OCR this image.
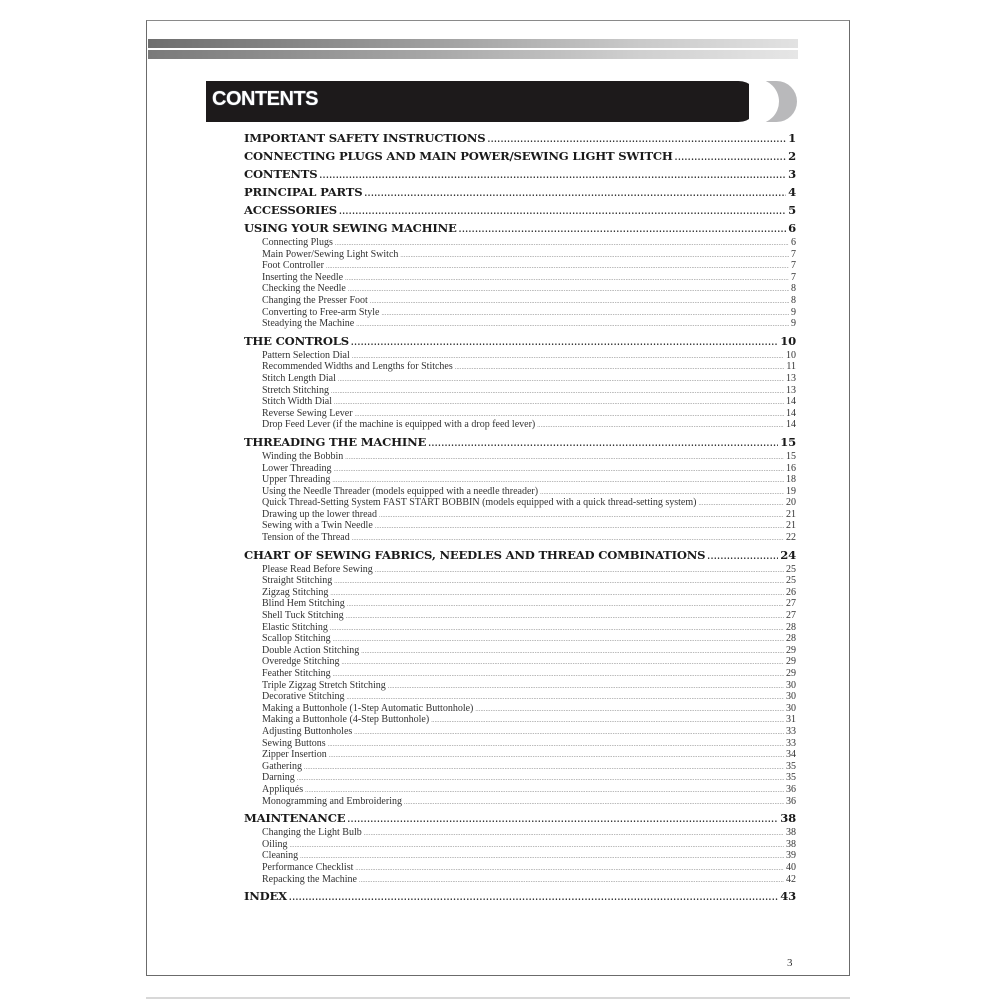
CONTENTS
IMPORTANT SAFETY INSTRUCTIONS .....	1
CONNECTING PLUGS AND MAIN POWER/SEWING LIGHT SWITCH .....	2
CONTENTS .....	3
PRINCIPAL PARTS .....	4
ACCESSORIES .....	5
USING YOUR SEWING MACHINE .....	6
Connecting Plugs .....	6
Main Power/Sewing Light Switch .....	7
Foot Controller .....	7
Inserting the Needle .....	7
Checking the Needle .....	8
Changing the Presser Foot .....	8
Converting to Free-arm Style .....	9
Steadying the Machine .....	9
THE CONTROLS .....	10
Pattern Selection Dial .....	10
Recommended Widths and Lengths for Stitches .....	11
Stitch Length Dial .....	13
Stretch Stitching .....	13
Stitch Width Dial .....	14
Reverse Sewing Lever .....	14
Drop Feed Lever (if the machine is equipped with a drop feed lever) .....	14
THREADING THE MACHINE .....	15
Winding the Bobbin .....	15
Lower Threading .....	16
Upper Threading .....	18
Using the Needle Threader (models equipped with a needle threader) .....	19
Quick Thread-Setting System FAST START BOBBIN (models equipped with a quick thread-setting system) .....	20
Drawing up the lower thread .....	21
Sewing with a Twin Needle .....	21
Tension of the Thread .....	22
CHART OF SEWING FABRICS, NEEDLES AND THREAD COMBINATIONS .....	24
Please Read Before Sewing .....	25
Straight Stitching .....	25
Zigzag Stitching .....	26
Blind Hem Stitching .....	27
Shell Tuck Stitching .....	27
Elastic Stitching .....	28
Scallop Stitching .....	28
Double Action Stitching .....	29
Overedge Stitching .....	29
Feather Stitching .....	29
Triple Zigzag Stretch Stitching .....	30
Decorative Stitching .....	30
Making a Buttonhole (1-Step Automatic Buttonhole) .....	30
Making a Buttonhole (4-Step Buttonhole) .....	31
Adjusting Buttonholes .....	33
Sewing Buttons .....	33
Zipper Insertion .....	34
Gathering .....	35
Darning .....	35
Appliqués .....	36
Monogramming and Embroidering .....	36
MAINTENANCE .....	38
Changing the Light Bulb .....	38
Oiling .....	38
Cleaning .....	39
Performance Checklist .....	40
Repacking the Machine .....	42
INDEX .....	43
3
